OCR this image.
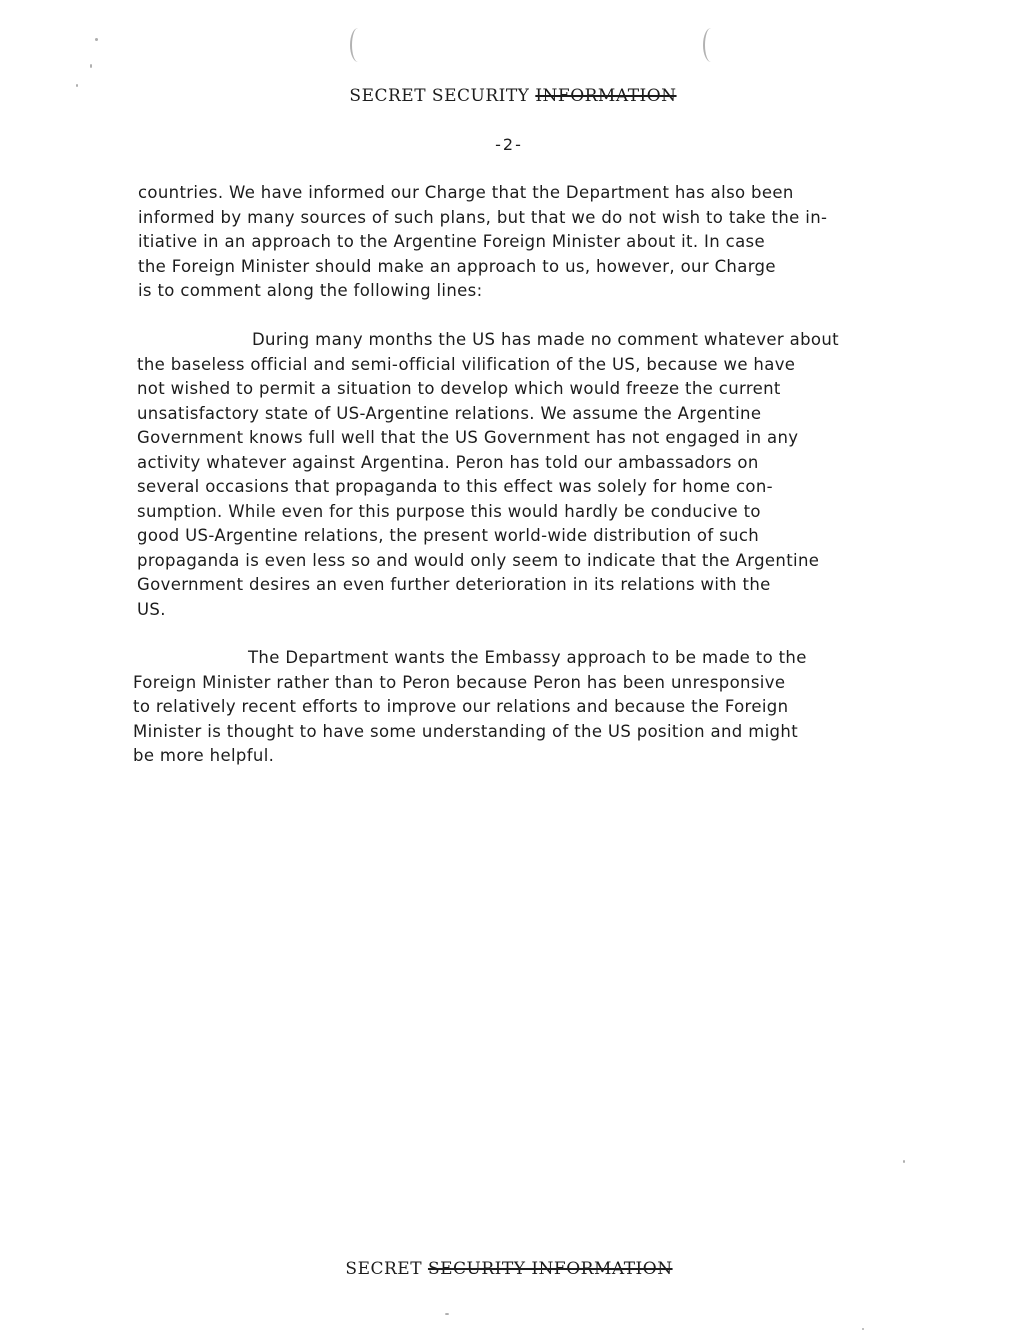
SECRET SECURITY INFORMATION
-2-

countries. We have informed our Charge that the Department has also been
informed by many sources of such plans, but that we do not wish to take the in-
itiative in an approach to the Argentine Foreign Minister about it. In case
the Foreign Minister should make an approach to us, however, our Charge
is to comment along the following lines:

During many months the US has made no comment whatever about
the baseless official and semi-official vilification of the US, because we have
not wished to permit a situation to develop which would freeze the current
unsatisfactory state of US-Argentine relations. We assume the Argentine
Government knows full well that the US Government has not engaged in any
activity whatever against Argentina. Peron has told our ambassadors on
several occasions that propaganda to this effect was solely for home con-
sumption. While even for this purpose this would hardly be conducive to
good US-Argentine relations, the present world-wide distribution of such
propaganda is even less so and would only seem to indicate that the Argentine
Government desires an even further deterioration in its relations with the
US.

The Department wants the Embassy approach to be made to the
Foreign Minister rather than to Peron because Peron has been unresponsive
to relatively recent efforts to improve our relations and because the Foreign
Minister is thought to have some understanding of the US position and might
be more helpful.

SECRET SECURITY INFORMATION
